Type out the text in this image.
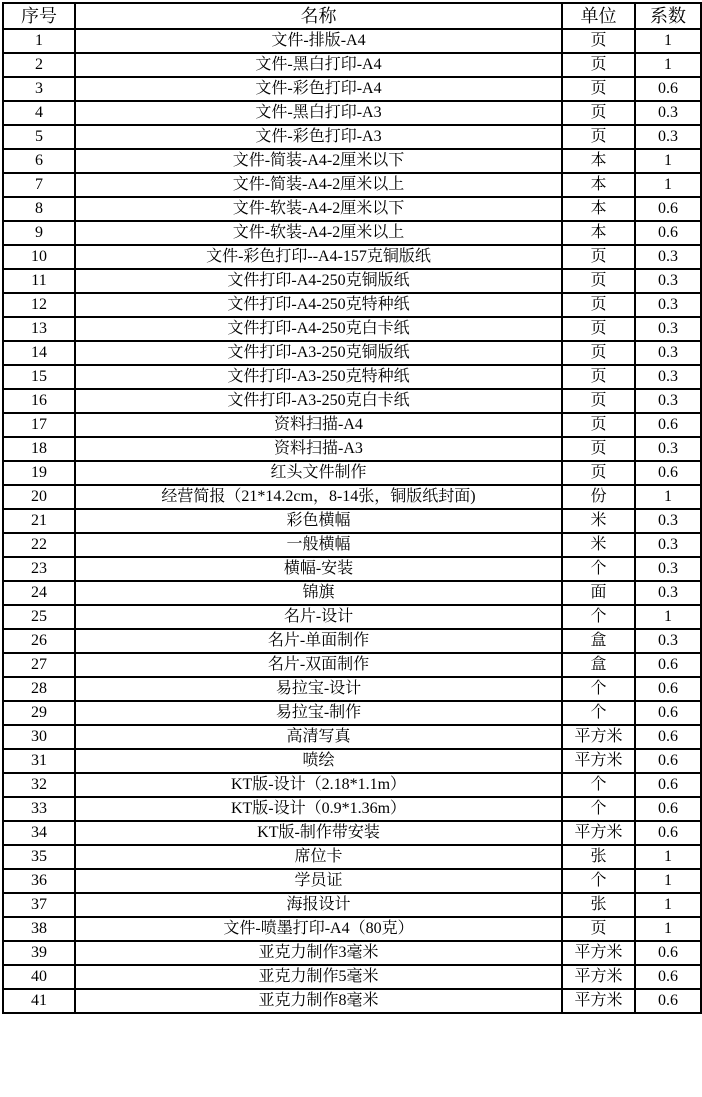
序号	名称	单位	系数
1	文件-排版-A4	页	1
2	文件-黑白打印-A4	页	1
3	文件-彩色打印-A4	页	0.6
4	文件-黑白打印-A3	页	0.3
5	文件-彩色打印-A3	页	0.3
6	文件-简装-A4-2厘米以下	本	1
7	文件-简装-A4-2厘米以上	本	1
8	文件-软装-A4-2厘米以下	本	0.6
9	文件-软装-A4-2厘米以上	本	0.6
10	文件-彩色打印--A4-157克铜版纸	页	0.3
11	文件打印-A4-250克铜版纸	页	0.3
12	文件打印-A4-250克特种纸	页	0.3
13	文件打印-A4-250克白卡纸	页	0.3
14	文件打印-A3-250克铜版纸	页	0.3
15	文件打印-A3-250克特种纸	页	0.3
16	文件打印-A3-250克白卡纸	页	0.3
17	资料扫描-A4	页	0.6
18	资料扫描-A3	页	0.3
19	红头文件制作	页	0.6
20	经营简报（21*14.2cm，8-14张，铜版纸封面)	份	1
21	彩色横幅	米	0.3
22	一般横幅	米	0.3
23	横幅-安装	个	0.3
24	锦旗	面	0.3
25	名片-设计	个	1
26	名片-单面制作	盒	0.3
27	名片-双面制作	盒	0.6
28	易拉宝-设计	个	0.6
29	易拉宝-制作	个	0.6
30	高清写真	平方米	0.6
31	喷绘	平方米	0.6
32	KT版-设计（2.18*1.1m）	个	0.6
33	KT版-设计（0.9*1.36m）	个	0.6
34	KT版-制作带安装	平方米	0.6
35	席位卡	张	1
36	学员证	个	1
37	海报设计	张	1
38	文件-喷墨打印-A4（80克）	页	1
39	亚克力制作3毫米	平方米	0.6
40	亚克力制作5毫米	平方米	0.6
41	亚克力制作8毫米	平方米	0.6
